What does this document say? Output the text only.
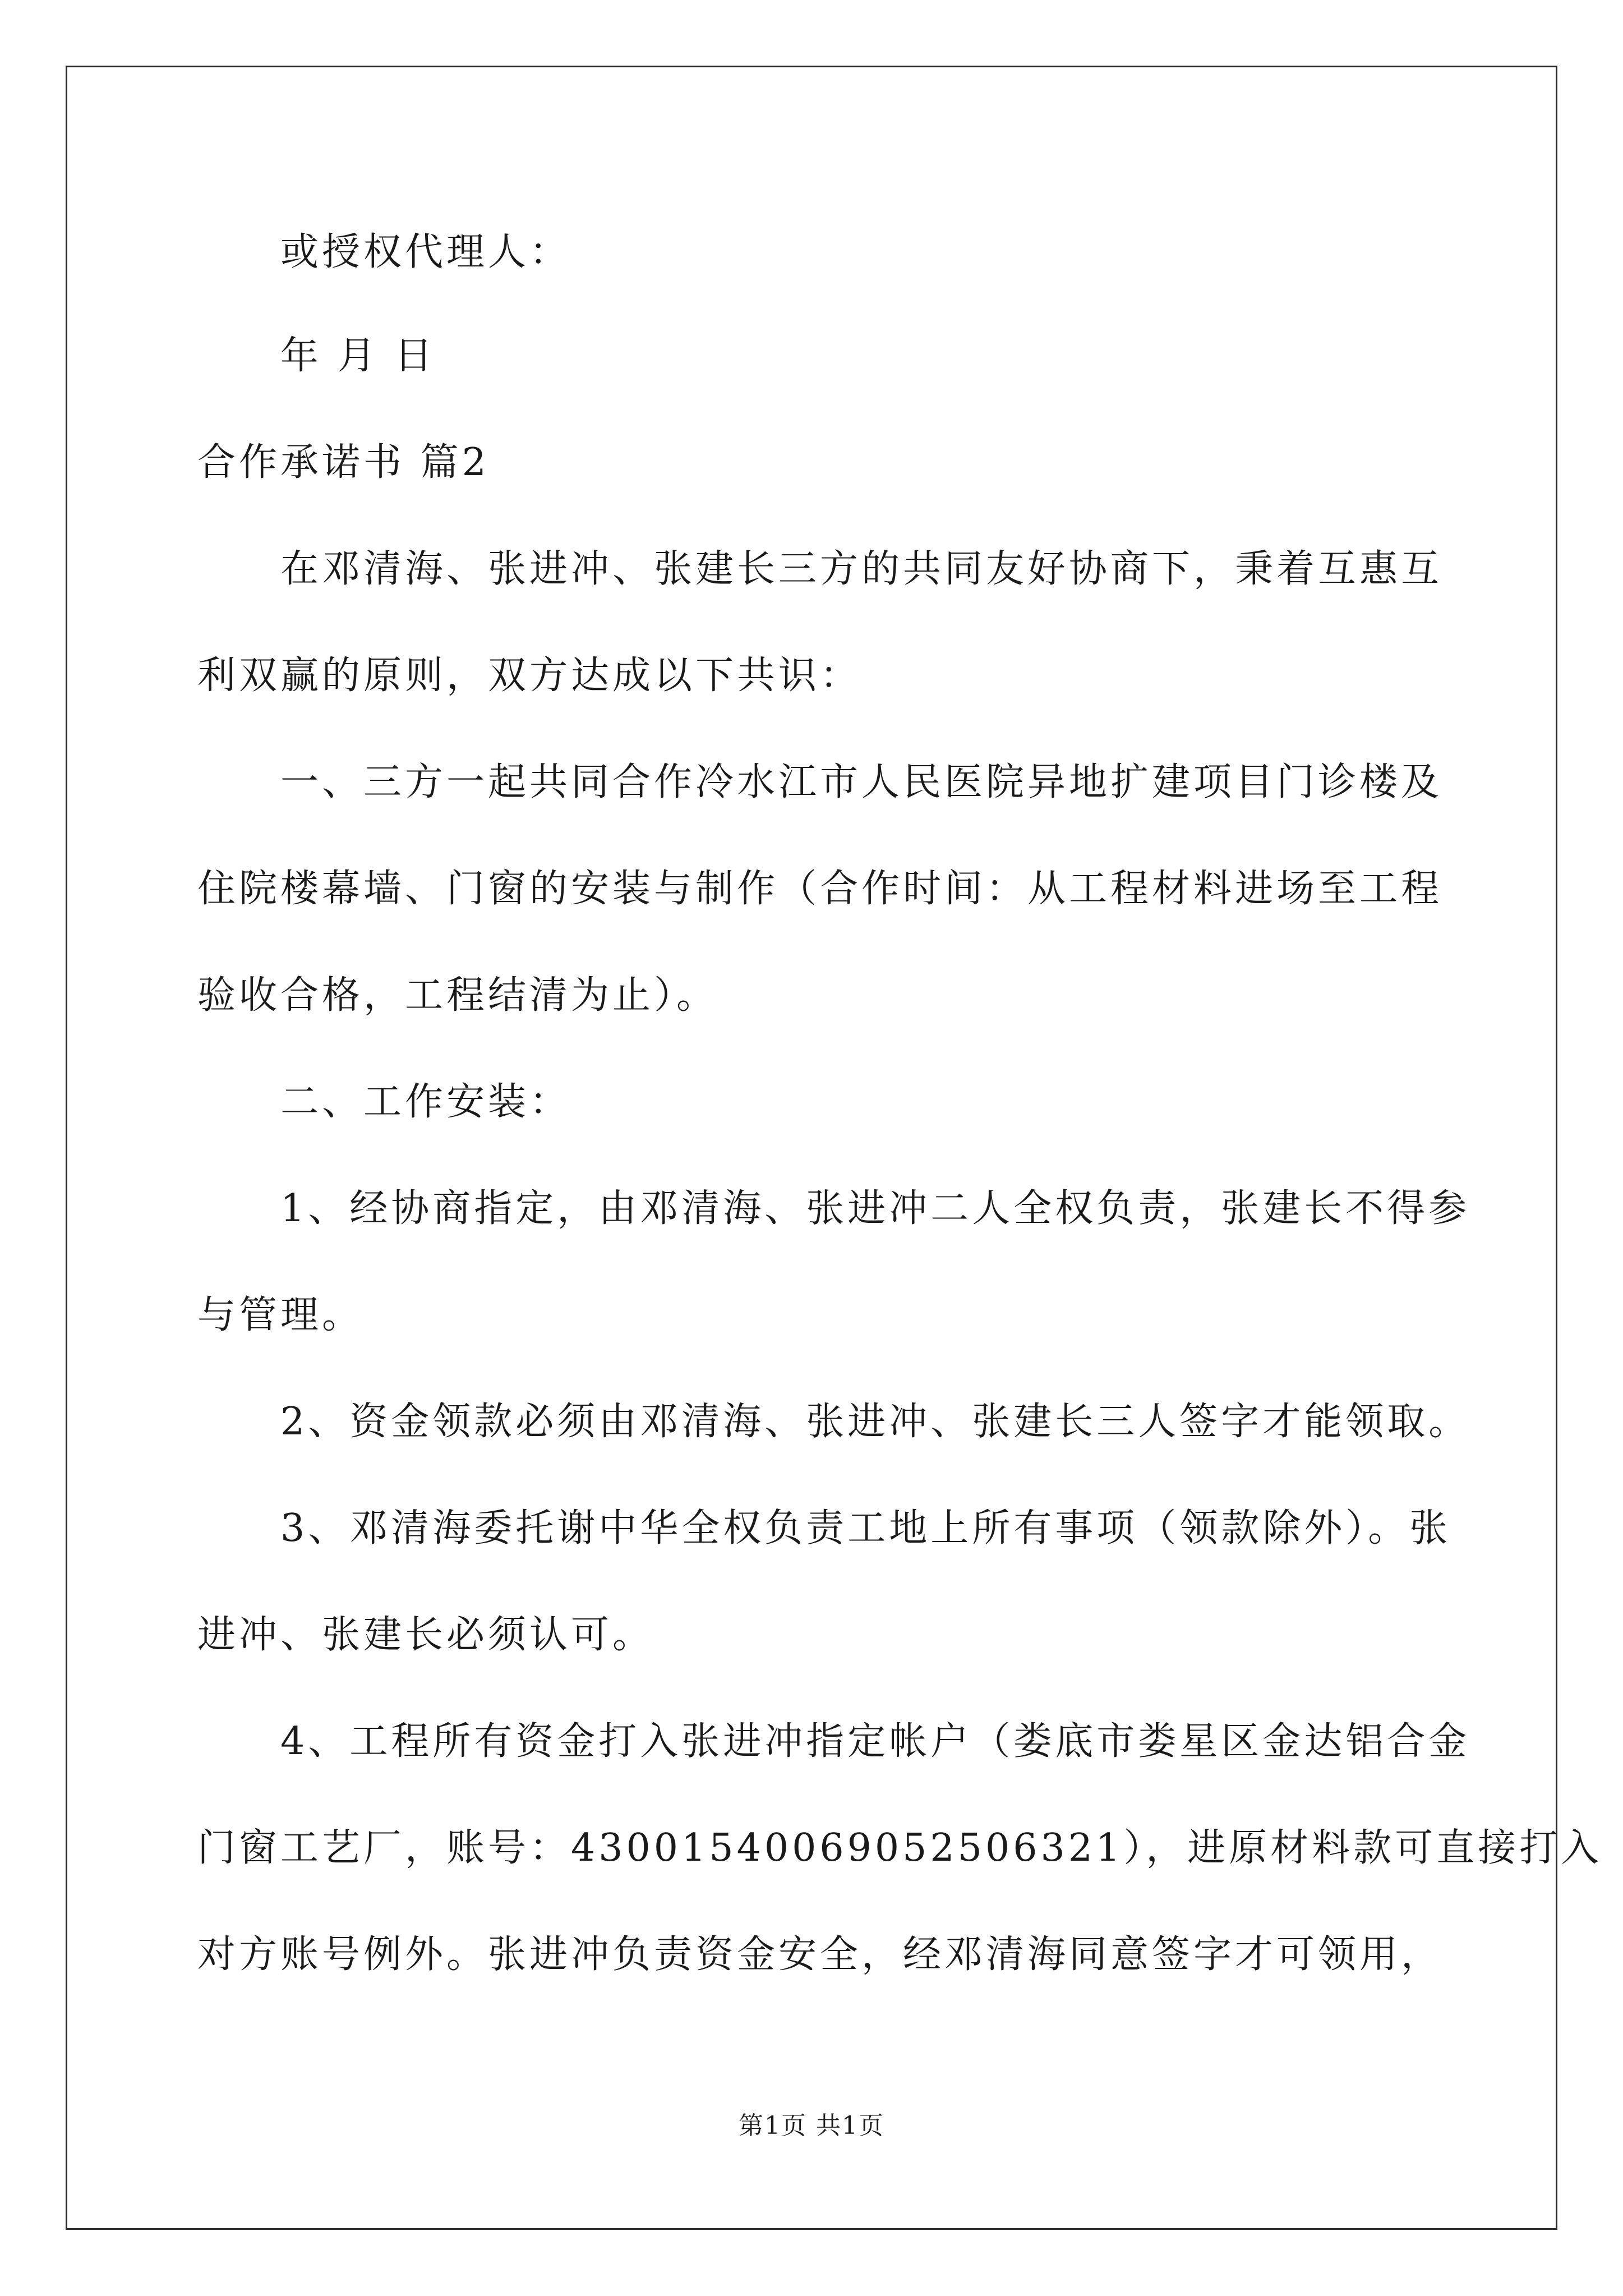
或授权代理人：
年 月 日
合作承诺书 篇2
在邓清海、张进冲、张建长三方的共同友好协商下，秉着互惠互
利双赢的原则，双方达成以下共识：
一、三方一起共同合作冷水江市人民医院异地扩建项目门诊楼及
住院楼幕墙、门窗的安装与制作（合作时间：从工程材料进场至工程
验收合格，工程结清为止）。
二、工作安装：
1、经协商指定，由邓清海、张进冲二人全权负责，张建长不得参
与管理。
2、资金领款必须由邓清海、张进冲、张建长三人签字才能领取。
3、邓清海委托谢中华全权负责工地上所有事项（领款除外）。张
进冲、张建长必须认可。
4、工程所有资金打入张进冲指定帐户（娄底市娄星区金达铝合金
门窗工艺厂，账号：430015400690525063​21），进原材料款可直接打入
对方账号例外。张进冲负责资金安全，经邓清海同意签字才可领用，
第1页 共1页
